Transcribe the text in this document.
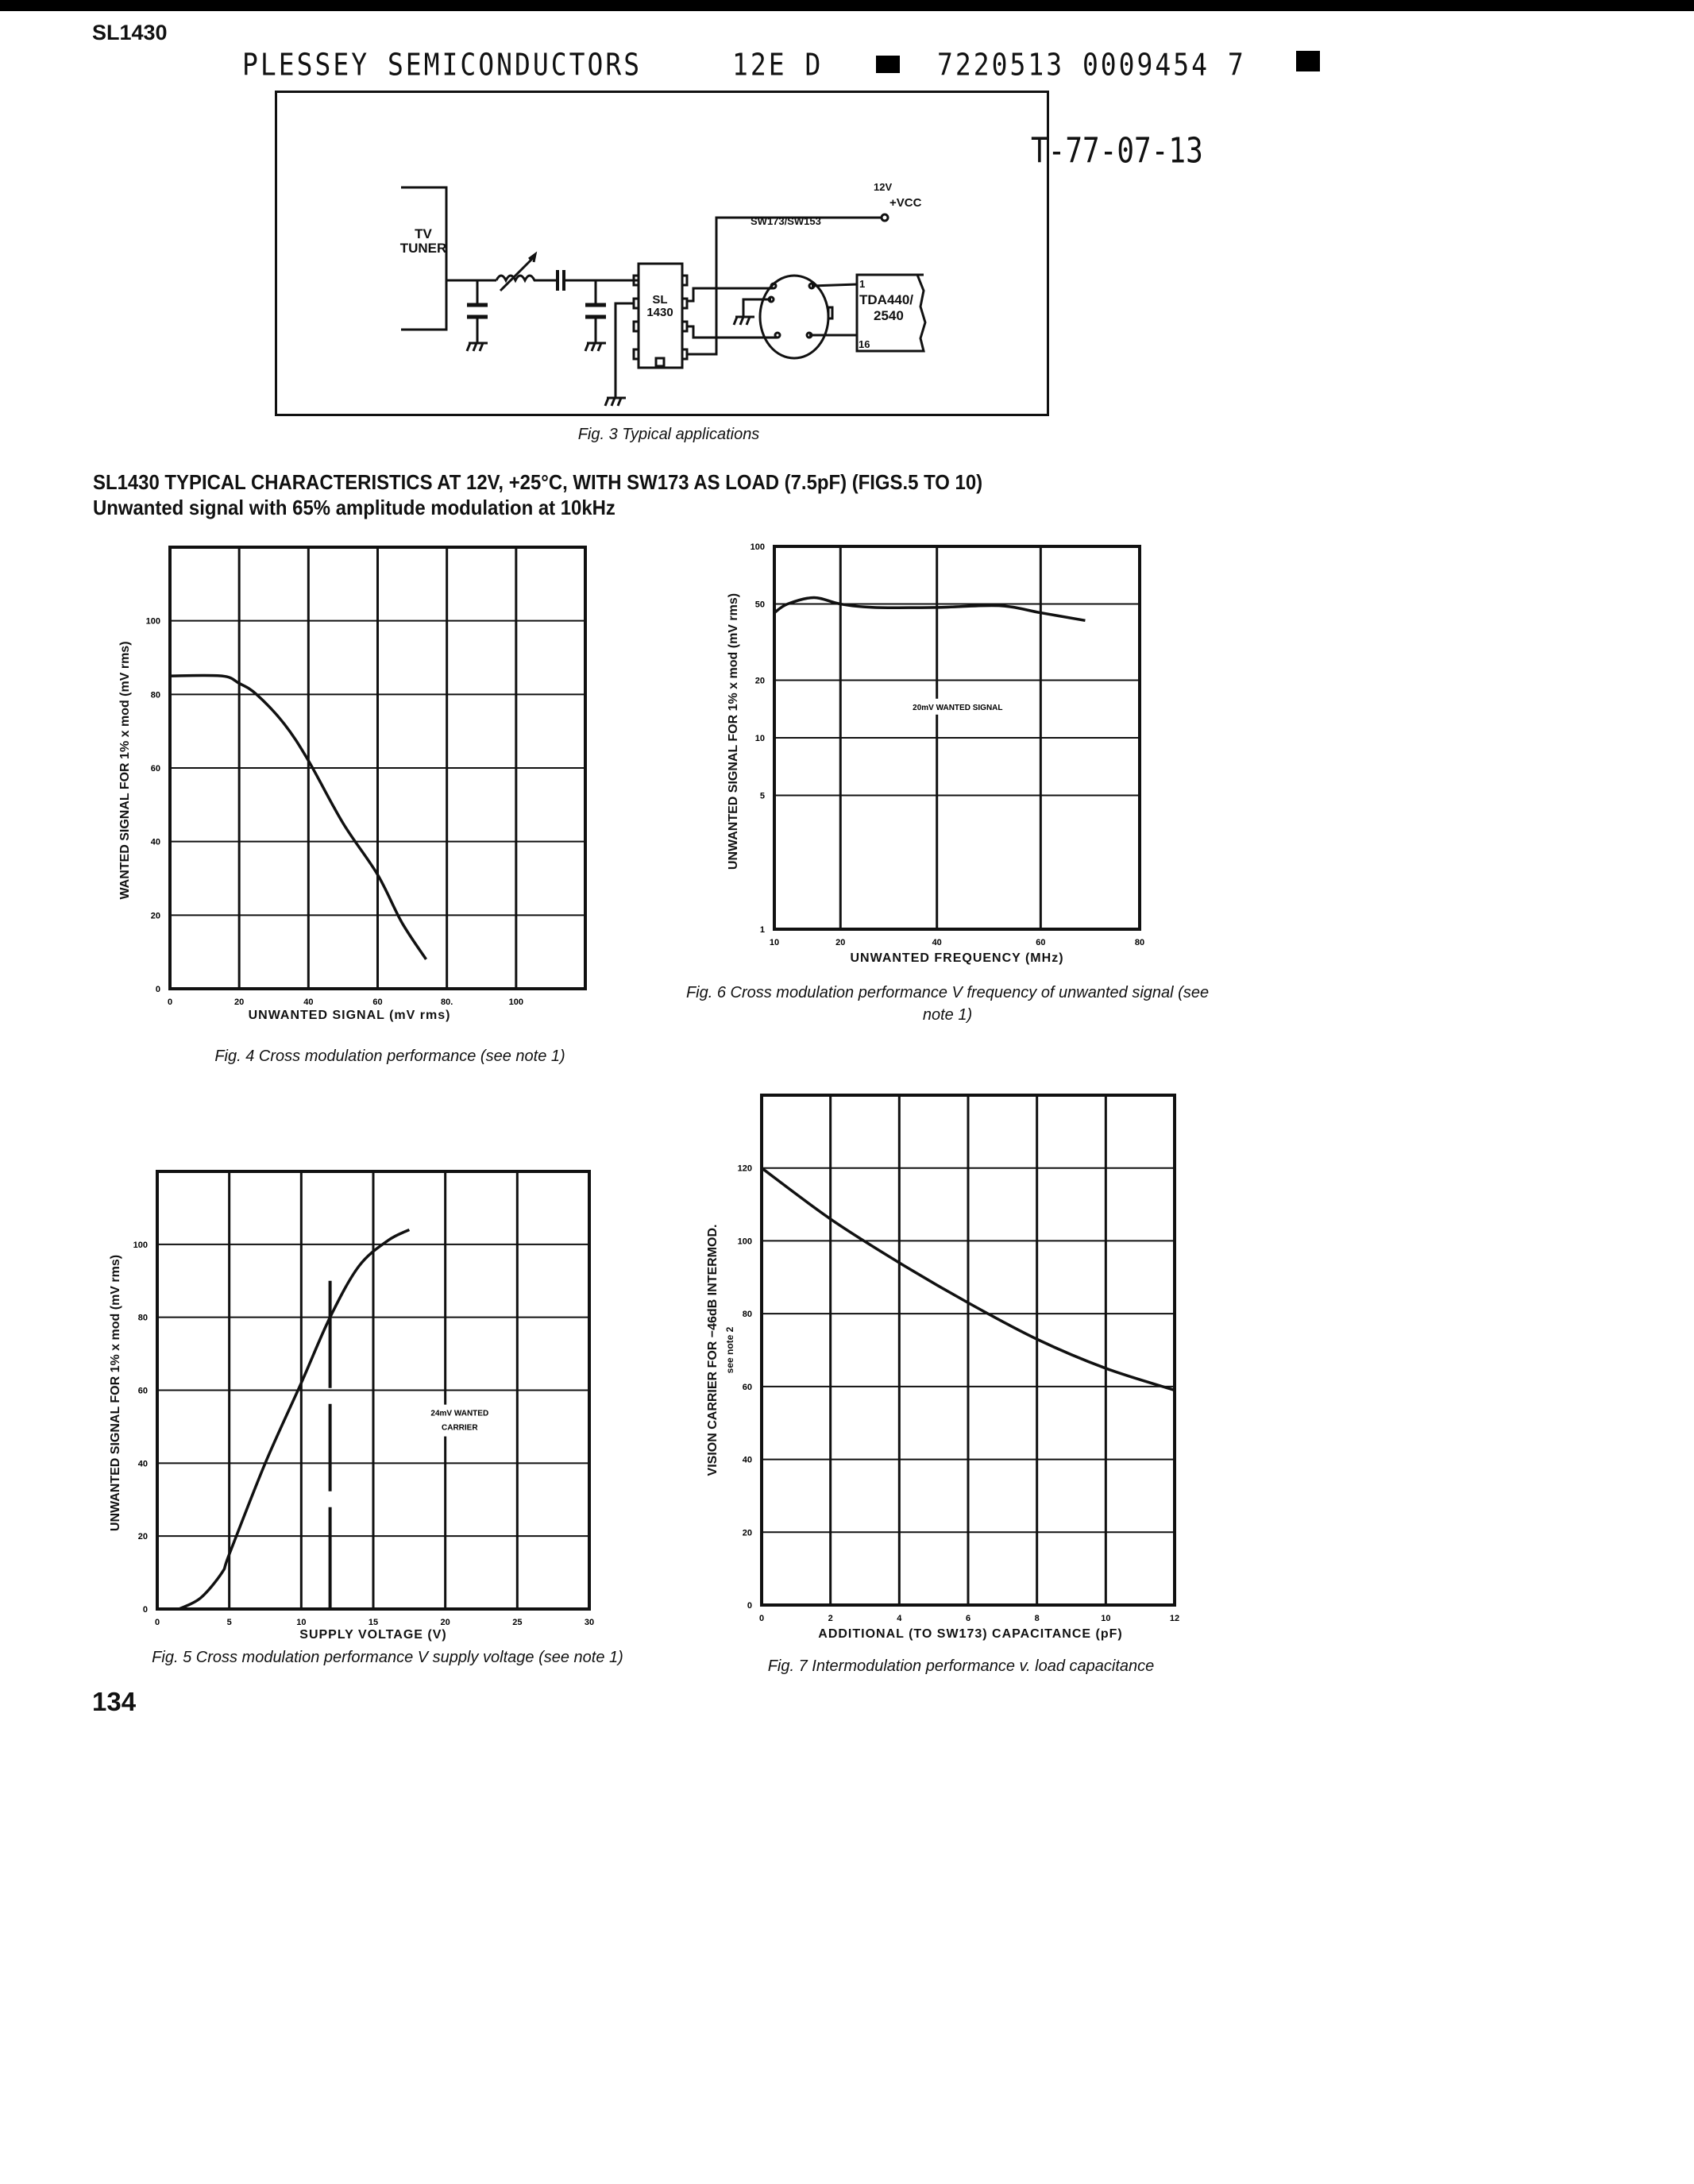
SL1430
PLESSEY SEMICONDUCTORS	12E D	7220513 0009454 7
T-77-07-13
TV
TUNER
SL
1430
12V
+VCC
SW173/SW153
1
TDA440/
2540
16
Fig. 3 Typical applications
SL1430 TYPICAL CHARACTERISTICS AT 12V, +25°C, WITH SW173 AS LOAD (7.5pF) (FIGS.5 TO 10)
Unwanted signal with 65% amplitude modulation at 10kHz
0	20	40	60	80.	100
0
20
40
60
80
100
UNWANTED SIGNAL (mV rms)
WANTED SIGNAL FOR 1% x mod (mV rms)
Fig. 4 Cross modulation performance (see note 1)
10	20	40	60	80
1
5
10
20
50
100
20mV WANTED SIGNAL
UNWANTED FREQUENCY (MHz)
UNWANTED SIGNAL FOR 1% x mod (mV rms)
Fig. 6 Cross modulation performance V frequency of unwanted signal (see note 1)
0	5	10	15	20	25	30
0
20
40
60
80
100
24mV WANTED CARRIER
SUPPLY VOLTAGE (V)
UNWANTED SIGNAL FOR 1% x mod (mV rms)
Fig. 5 Cross modulation performance V supply voltage (see note 1)
0	2	4	6	8	10	12
0
20
40
60
80
100
120
ADDITIONAL (TO SW173) CAPACITANCE (pF)
VISION CARRIER FOR −46dB INTERMOD. see note 2
Fig. 7 Intermodulation performance v. load capacitance
134
